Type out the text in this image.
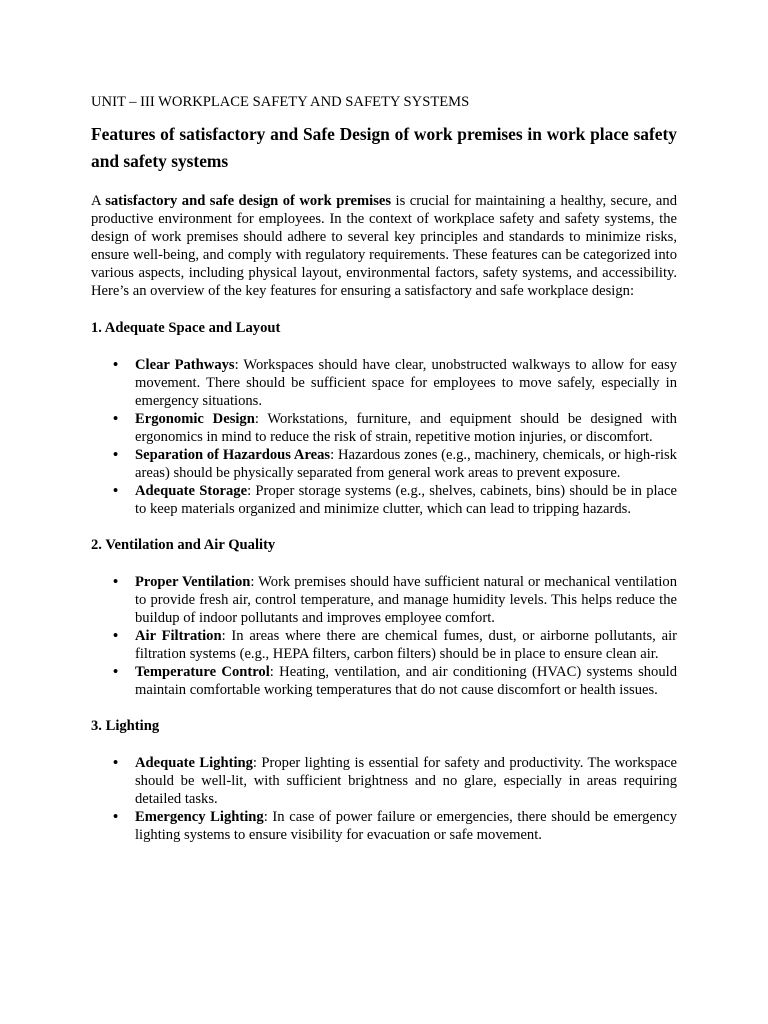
UNIT – III WORKPLACE SAFETY AND SAFETY SYSTEMS
Features of satisfactory and Safe Design of work premises in work place safety and safety systems

A satisfactory and safe design of work premises is crucial for maintaining a healthy, secure, and productive environment for employees. In the context of workplace safety and safety systems, the design of work premises should adhere to several key principles and standards to minimize risks, ensure well-being, and comply with regulatory requirements. These features can be categorized into various aspects, including physical layout, environmental factors, safety systems, and accessibility. Here’s an overview of the key features for ensuring a satisfactory and safe workplace design:

1. Adequate Space and Layout
• Clear Pathways: Workspaces should have clear, unobstructed walkways to allow for easy movement. There should be sufficient space for employees to move safely, especially in emergency situations.
• Ergonomic Design: Workstations, furniture, and equipment should be designed with ergonomics in mind to reduce the risk of strain, repetitive motion injuries, or discomfort.
• Separation of Hazardous Areas: Hazardous zones (e.g., machinery, chemicals, or high-risk areas) should be physically separated from general work areas to prevent exposure.
• Adequate Storage: Proper storage systems (e.g., shelves, cabinets, bins) should be in place to keep materials organized and minimize clutter, which can lead to tripping hazards.
2. Ventilation and Air Quality
• Proper Ventilation: Work premises should have sufficient natural or mechanical ventilation to provide fresh air, control temperature, and manage humidity levels. This helps reduce the buildup of indoor pollutants and improves employee comfort.
• Air Filtration: In areas where there are chemical fumes, dust, or airborne pollutants, air filtration systems (e.g., HEPA filters, carbon filters) should be in place to ensure clean air.
• Temperature Control: Heating, ventilation, and air conditioning (HVAC) systems should maintain comfortable working temperatures that do not cause discomfort or health issues.
3. Lighting
• Adequate Lighting: Proper lighting is essential for safety and productivity. The workspace should be well-lit, with sufficient brightness and no glare, especially in areas requiring detailed tasks.
• Emergency Lighting: In case of power failure or emergencies, there should be emergency lighting systems to ensure visibility for evacuation or safe movement.
